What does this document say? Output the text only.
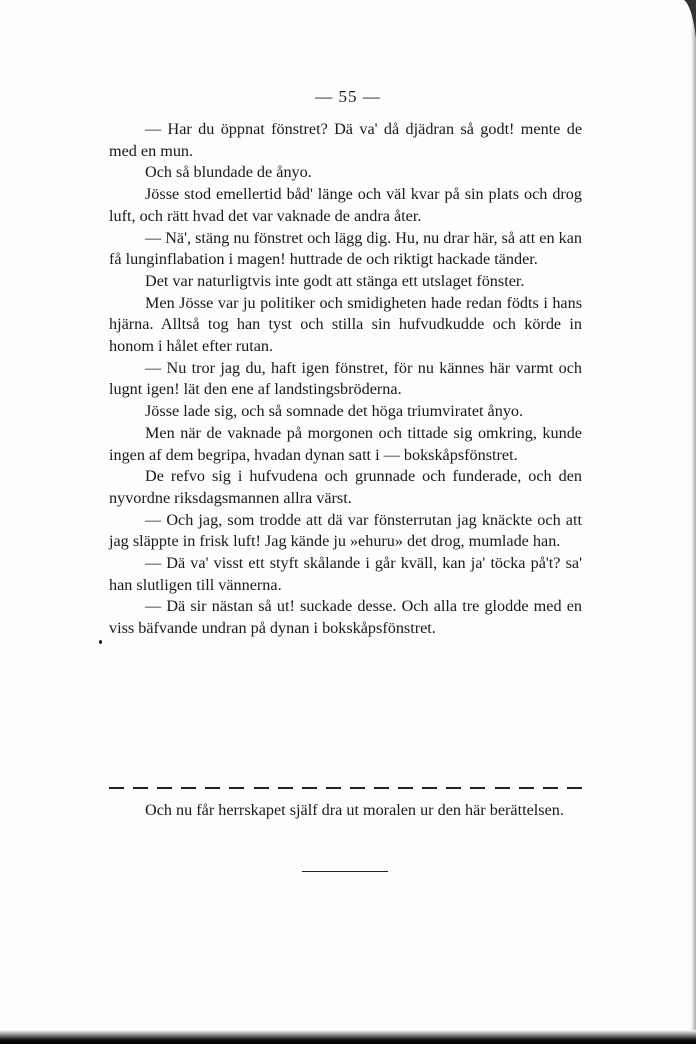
— 55 —

— Har du öppnat fönstret? Dä va' då djädran så godt! mente de med en mun.

Och så blundade de ånyo.

Jösse stod emellertid båd' länge och väl kvar på sin plats och drog luft, och rätt hvad det var vaknade de andra åter.

— Nä', stäng nu fönstret och lägg dig. Hu, nu drar här, så att en kan få lunginflabation i magen! huttrade de och riktigt hackade tänder.

Det var naturligtvis inte godt att stänga ett utslaget fönster.

Men Jösse var ju politiker och smidigheten hade redan födts i hans hjärna. Alltså tog han tyst och stilla sin hufvudkudde och körde in honom i hålet efter rutan.

— Nu tror jag du, haft igen fönstret, för nu kännes här varmt och lugnt igen! lät den ene af landstingsbröderna.

Jösse lade sig, och så somnade det höga triumviratet ånyo.

Men när de vaknade på morgonen och tittade sig omkring, kunde ingen af dem begripa, hvadan dynan satt i — bokskåpsfönstret.

De refvo sig i hufvudena och grunnade och funderade, och den nyvordne riksdagsmannen allra värst.

— Och jag, som trodde att dä var fönsterrutan jag knäckte och att jag släppte in frisk luft! Jag kände ju »ehuru» det drog, mumlade han.

— Dä va' visst ett styft skålande i går kväll, kan ja' töcka på't? sa' han slutligen till vännerna.

— Dä sir nästan så ut! suckade desse. Och alla tre glodde med en viss bäfvande undran på dynan i bokskåpsfönstret.

Och nu får herrskapet själf dra ut moralen ur den här berättelsen.
